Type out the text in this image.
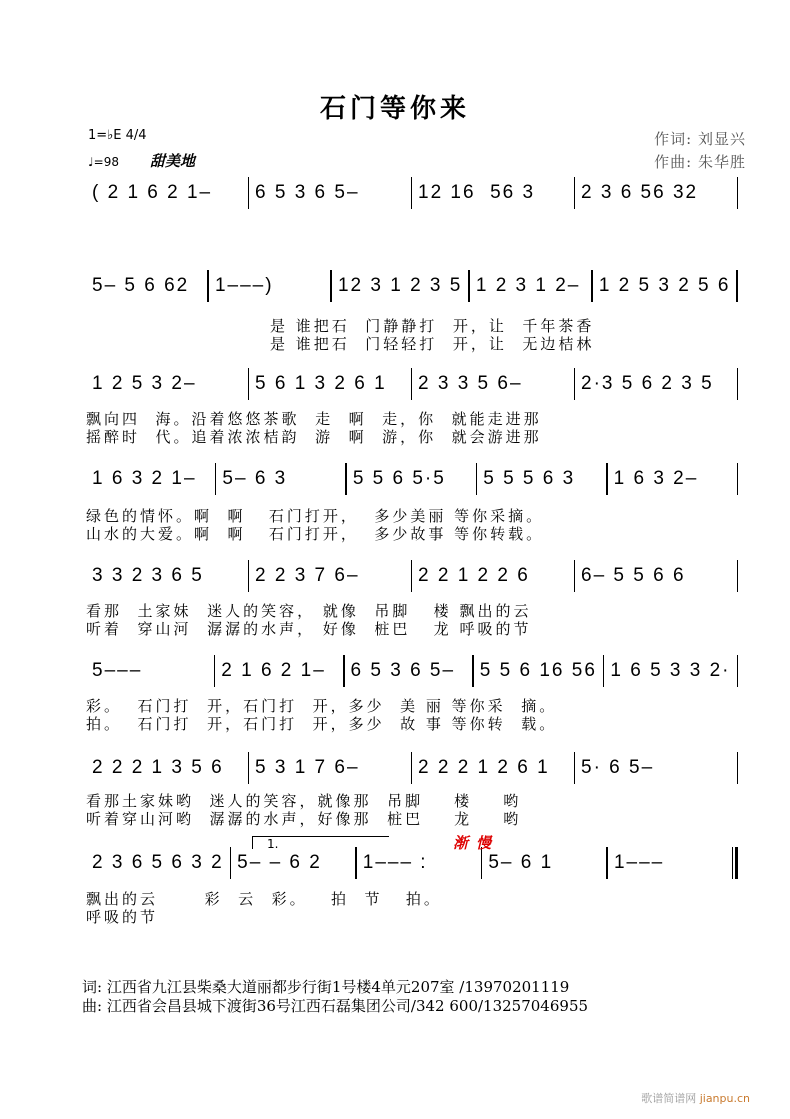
石门等你来
1=♭E 4/4
♩=98 甜美地
作词: 刘显兴
作曲: 朱华胜
( 2 1 6 2 1–	6 5 3 6 5–	12 16  56 3	2 3 6 56 32
5– 5 6 62	1–––)	12 3 1 2 3 5 1 2 3 1 2– 1 2 5 3 2 5 6
是 谁把石  门静静打  开，让  千年茶香
是 谁把石  门轻轻打  开，让  无边桔林
1 2 5 3 2–	5 6 1 3 2 6 1	2 3 3 5 6–	2·3 5 6 2 3 5
飘向四  海。沿着悠悠茶歌  走  啊  走，你  就能走进那
摇醉时  代。追着浓浓桔韵  游  啊  游，你  就会游进那
1 6 3 2 1–	5– 6 3	5 5 6 5·5	5 5 5 6 3	1 6 3 2–
绿色的情怀。啊  啊   石门打开，  多少美丽 等你采摘。
山水的大爱。啊  啊   石门打开，  多少故事 等你转载。
3 3 2 3 6 5	2 2 3 7 6–	2 2 1 2 2 6	6– 5 5 6 6
看那  土家妹  迷人的笑容， 就像  吊脚   楼 飘出的云
听着  穿山河  潺潺的水声， 好像  桩巴   龙 呼吸的节
5–––	2 1 6 2 1–	6 5 3 6 5–	5 5 6 16 56 1 6 5 3 3 2·
彩。  石门打  开，石门打  开，多少  美 丽 等你采  摘。
拍。  石门打  开，石门打  开，多少  故 事 等你转  载。
2 2 2 1 3 5 6	5 3 1 7 6–	2 2 2 1 2 6 1	5· 6 5–
看那土家妹哟  迷人的笑容，就像那  吊脚    楼    哟
听着穿山河哟  潺潺的水声，好像那  桩巴    龙    哟
2 3 6 5 6 3 2 5– – 6 2	1––– :	5– 6 1	1–––
飘出的云      彩  云  彩。   拍  节   拍。
呼吸的节
1.	渐慢
词: 江西省九江县柴桑大道丽都步行街1号楼4单元207室 /13970201119
曲: 江西省会昌县城下渡街36号江西石磊集团公司/342 600/13257046955
歌谱简谱网 jianpu.cn
